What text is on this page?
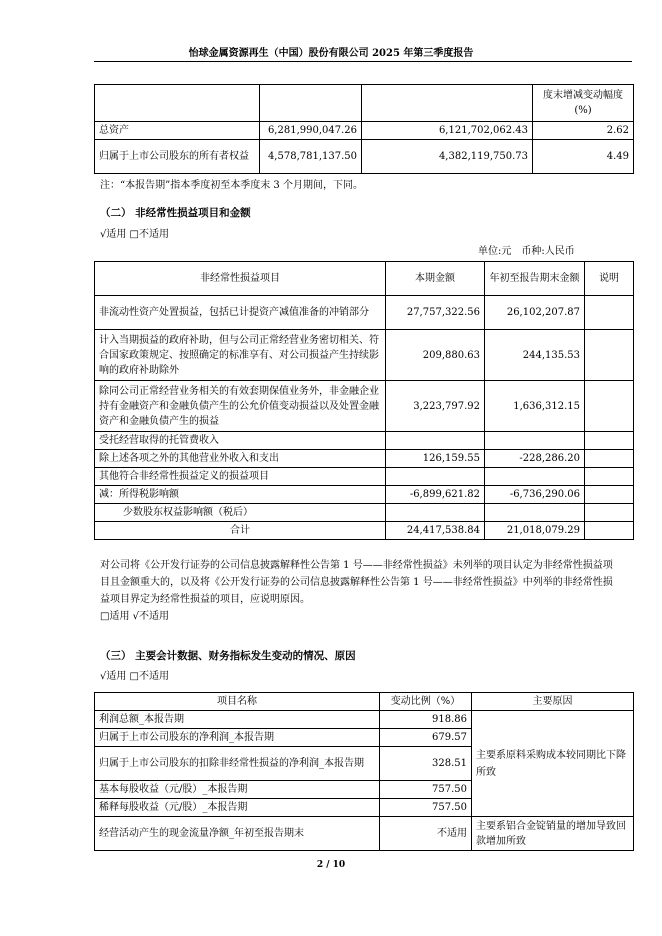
怡球金属资源再生（中国）股份有限公司 2025 年第三季度报告
			度末增减变动幅度(%)
总资产	6,281,990,047.26	6,121,702,062.43	2.62
归属于上市公司股东的所有者权益	4,578,781,137.50	4,382,119,750.73	4.49
注：“本报告期”指本季度初至本季度末 3 个月期间，下同。
（二） 非经常性损益项目和金额
√适用 □不适用
单位:元　币种:人民币
非经常性损益项目	本期金额	年初至报告期末金额	说明
非流动性资产处置损益，包括已计提资产减值准备的冲销部分	27,757,322.56	26,102,207.87	
计入当期损益的政府补助，但与公司正常经营业务密切相关、符合国家政策规定、按照确定的标准享有、对公司损益产生持续影响的政府补助除外	209,880.63	244,135.53	
除同公司正常经营业务相关的有效套期保值业务外，非金融企业持有金融资产和金融负债产生的公允价值变动损益以及处置金融资产和金融负债产生的损益	3,223,797.92	1,636,312.15	
受托经营取得的托管费收入			
除上述各项之外的其他营业外收入和支出	126,159.55	-228,286.20	
其他符合非经常性损益定义的损益项目			
减：所得税影响额	-6,899,621.82	-6,736,290.06	
少数股东权益影响额（税后）			
合计	24,417,538.84	21,018,079.29	
对公司将《公开发行证券的公司信息披露解释性公告第 1 号——非经常性损益》未列举的项目认定为非经常性损益项目且金额重大的，以及将《公开发行证券的公司信息披露解释性公告第 1 号——非经常性损益》中列举的非经常性损益项目界定为经常性损益的项目，应说明原因。
□适用 √不适用
（三） 主要会计数据、财务指标发生变动的情况、原因
√适用 □不适用
项目名称	变动比例（%）	主要原因
利润总额_本报告期	918.86	主要系原料采购成本较同期比下降所致
归属于上市公司股东的净利润_本报告期	679.57	
归属于上市公司股东的扣除非经常性损益的净利润_本报告期	328.51	
基本每股收益（元/股）_本报告期	757.50	
稀释每股收益（元/股）_本报告期	757.50	
经营活动产生的现金流量净额_年初至报告期末	不适用	主要系铝合金锭销量的增加导致回款增加所致
2 / 10
